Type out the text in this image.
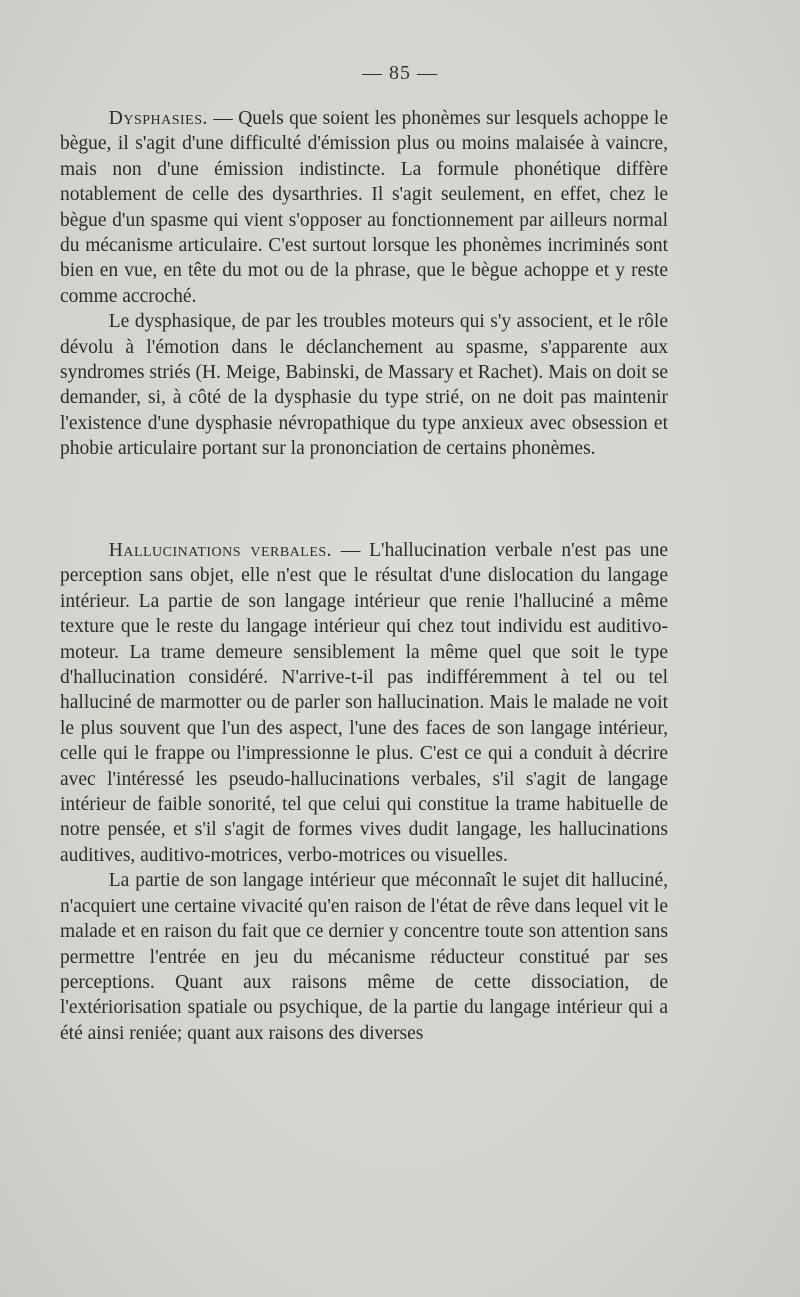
— 85 —

Dysphasies. — Quels que soient les phonèmes sur lesquels achoppe le bègue, il s'agit d'une difficulté d'émission plus ou moins malaisée à vaincre, mais non d'une émission indistincte. La formule phonétique diffère notablement de celle des dysarthries. Il s'agit seulement, en effet, chez le bègue d'un spasme qui vient s'opposer au fonctionnement par ailleurs normal du mécanisme articulaire. C'est surtout lorsque les phonèmes incriminés sont bien en vue, en tête du mot ou de la phrase, que le bègue achoppe et y reste comme accroché.

Le dysphasique, de par les troubles moteurs qui s'y associent, et le rôle dévolu à l'émotion dans le déclanchement au spasme, s'apparente aux syndromes striés (H. Meige, Babinski, de Massary et Rachet). Mais on doit se demander, si, à côté de la dysphasie du type strié, on ne doit pas maintenir l'existence d'une dysphasie névropathique du type anxieux avec obsession et phobie articulaire portant sur la prononciation de certains phonèmes.

Hallucinations verbales. — L'hallucination verbale n'est pas une perception sans objet, elle n'est que le résultat d'une dislocation du langage intérieur. La partie de son langage intérieur que renie l'halluciné a même texture que le reste du langage intérieur qui chez tout individu est auditivo-moteur. La trame demeure sensiblement la même quel que soit le type d'hallucination considéré. N'arrive-t-il pas indifféremment à tel ou tel halluciné de marmotter ou de parler son hallucination. Mais le malade ne voit le plus souvent que l'un des aspect, l'une des faces de son langage intérieur, celle qui le frappe ou l'impressionne le plus. C'est ce qui a conduit à décrire avec l'intéressé les pseudo-hallucinations verbales, s'il s'agit de langage intérieur de faible sonorité, tel que celui qui constitue la trame habituelle de notre pensée, et s'il s'agit de formes vives dudit langage, les hallucinations auditives, auditivo-motrices, verbo-motrices ou visuelles.

La partie de son langage intérieur que méconnaît le sujet dit halluciné, n'acquiert une certaine vivacité qu'en raison de l'état de rêve dans lequel vit le malade et en raison du fait que ce dernier y concentre toute son attention sans permettre l'entrée en jeu du mécanisme réducteur constitué par ses perceptions. Quant aux raisons même de cette dissociation, de l'extériorisation spatiale ou psychique, de la partie du langage intérieur qui a été ainsi reniée; quant aux raisons des diverses
